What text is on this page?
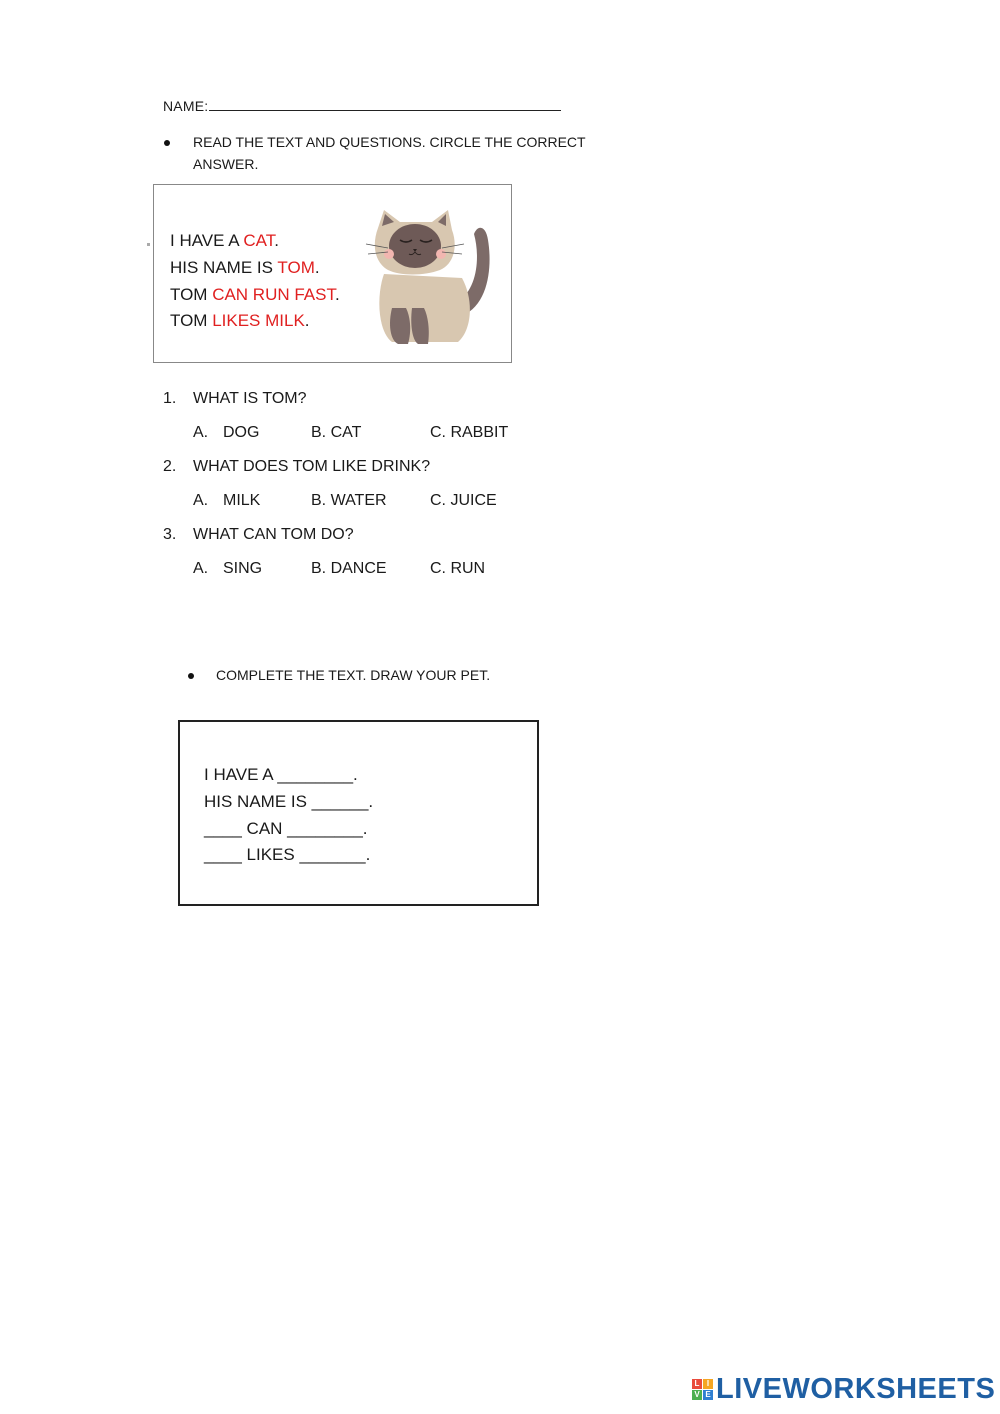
NAME:
READ THE TEXT AND QUESTIONS. CIRCLE THE CORRECT
ANSWER.
I HAVE A CAT.
HIS NAME IS TOM.
TOM CAN RUN FAST.
TOM LIKES MILK.
1. WHAT IS TOM?
A. DOG	B. CAT	C. RABBIT
2. WHAT DOES TOM LIKE DRINK?
A. MILK	B. WATER	C. JUICE
3. WHAT CAN TOM DO?
A. SING	B. DANCE	C. RUN
COMPLETE THE TEXT. DRAW YOUR PET.
I HAVE A ________.
HIS NAME IS ______.
____ CAN ________.
____ LIKES _______.
L I
V E LIVEWORKSHEETS
